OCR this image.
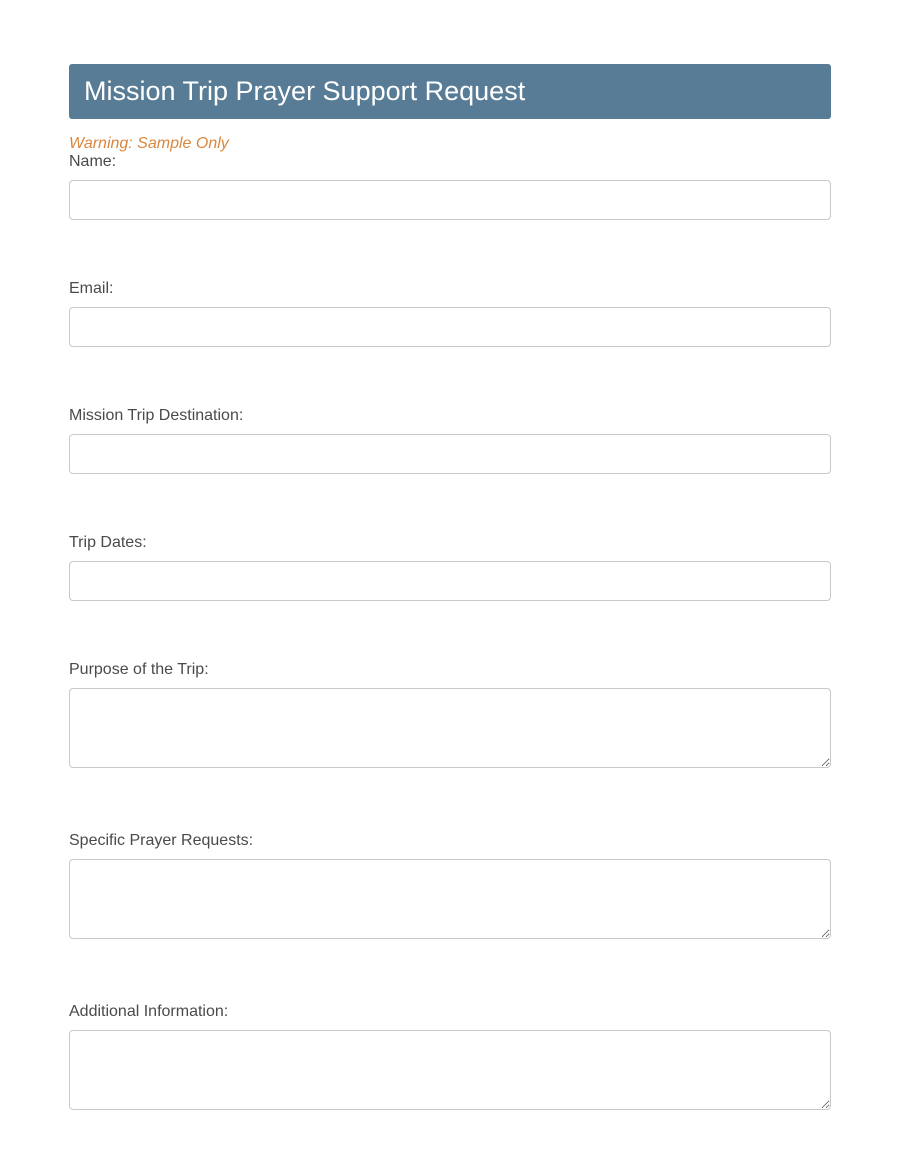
Mission Trip Prayer Support Request
Warning: Sample Only
Name:
Email:
Mission Trip Destination:
Trip Dates:
Purpose of the Trip:
Specific Prayer Requests:
Additional Information:
